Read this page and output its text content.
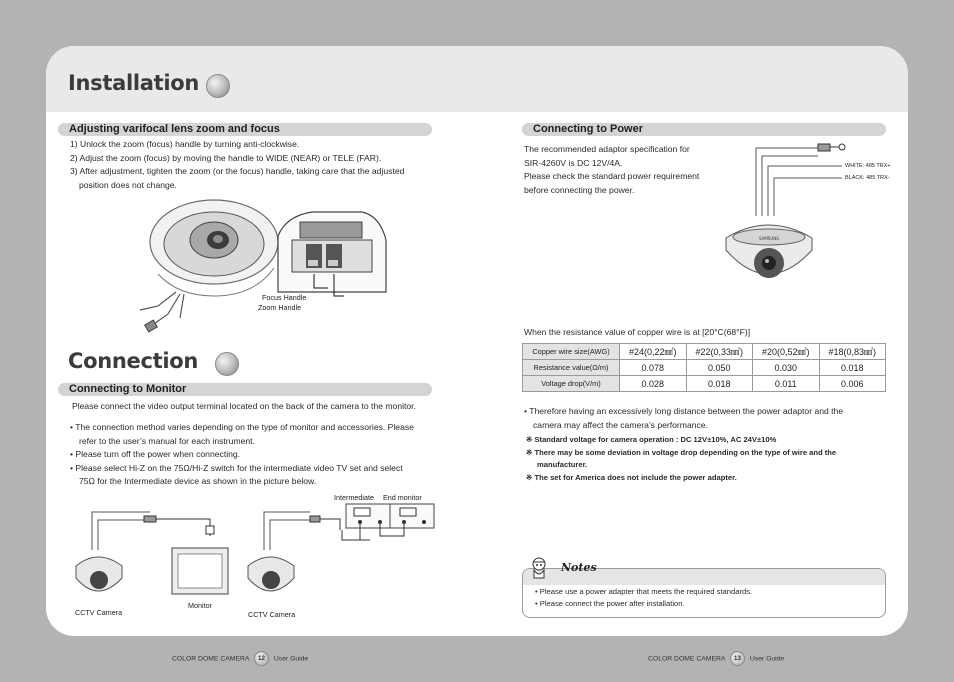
Installation
Adjusting varifocal lens zoom and focus
1) Unlock the zoom (focus) handle by turning anti-clockwise.
2) Adjust the zoom (focus) by moving the handle to WIDE (NEAR) or TELE (FAR).
3) After adjustment, tighten the zoom (or the focus) handle, taking care that the adjusted
position does not change.
Focus Handle
Zoom Handle
Connection
Connecting to Monitor
Please connect the video output terminal located on the back of the camera to the monitor.
• The connection method varies depending on the type of monitor and accessories. Please
refer to the user’s manual for each instrument.
• Please turn off the power when connecting.
• Please select Hi-Z on the 75Ω/Hi-Z switch for the intermediate video TV set and select
75Ω for the Intermediate device as shown in the picture below.
Intermediate End monitor
CCTV Camera
Monitor
CCTV Camera
Connecting to Power
The recommended adaptor specification for
SIR-4260V is DC 12V/4A.
Please check the standard power requirement
before connecting the power.
SAMSUNG
WHITE: 485 TRX+
BLACK: 485 TRX-
When the resistance value of copper wire is at [20°C(68°F)]
Copper wire size(AWG)	#24(0,22㎟)	#22(0,33㎟)	#20(0,52㎟)	#18(0,83㎟)
Resistance value(Ω/m)	0.078	0.050	0.030	0.018
Voltage drop(V/m)	0.028	0.018	0.011	0.006
• Therefore having an excessively long distance between the power adaptor and the
camera may affect the camera’s performance.
※ Standard voltage for camera operation : DC 12V±10%, AC 24V±10%
※ There may be some deviation in voltage drop depending on the type of wire and the
manufacturer.
※ The set for America does not include the power adapter.
Notes
• Please use a power adapter that meets the required standards.
• Please connect the power after installation.
COLOR DOME CAMERA 12 User Guide	COLOR DOME CAMERA 13 User Guide
